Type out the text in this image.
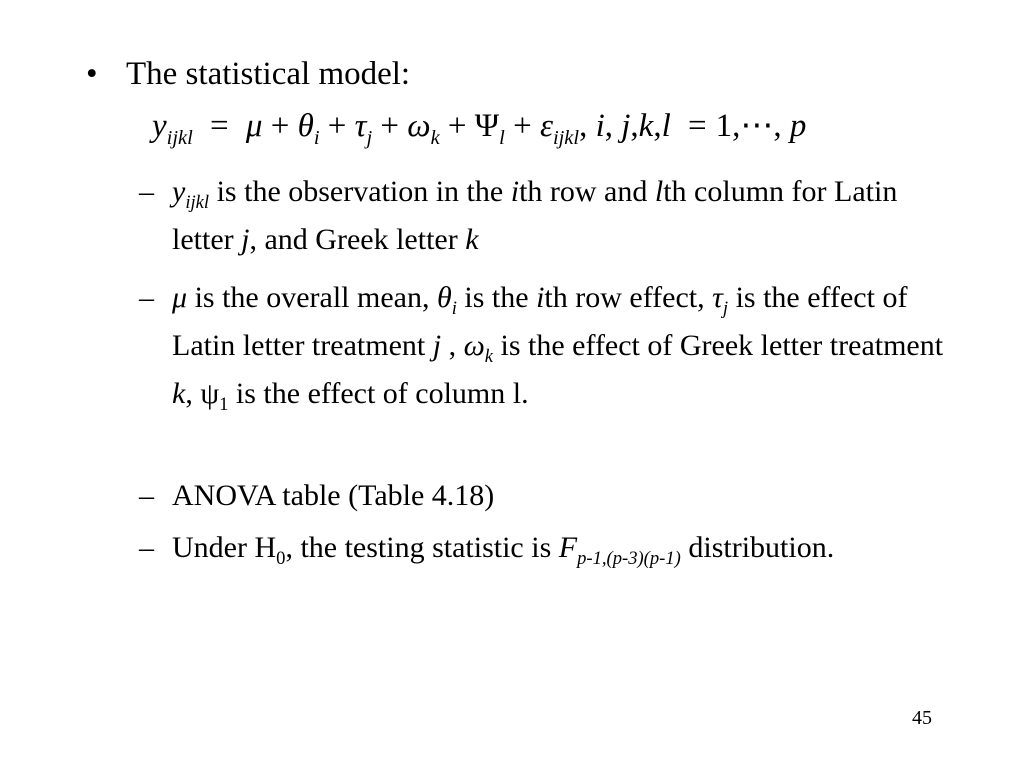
• The statistical model:
$y_{ijkl} = \mu + \theta_i + \tau_j + \omega_k + \Psi_l + \varepsilon_{ijkl}$, i, j,k,l = 1,⋯, p
– $y_{ijkl}$ is the observation in the ith row and lth column for Latin letter j, and Greek letter k
– μ is the overall mean, $\theta_i$ is the ith row effect, $\tau_j$ is the effect of Latin letter treatment j , $\omega_k$ is the effect of Greek letter treatment k, $\psi_1$ is the effect of column l.
– ANOVA table (Table 4.18)
– Under $H_0$, the testing statistic is $F_{p-1,(p-3)(p-1)}$ distribution.
45
